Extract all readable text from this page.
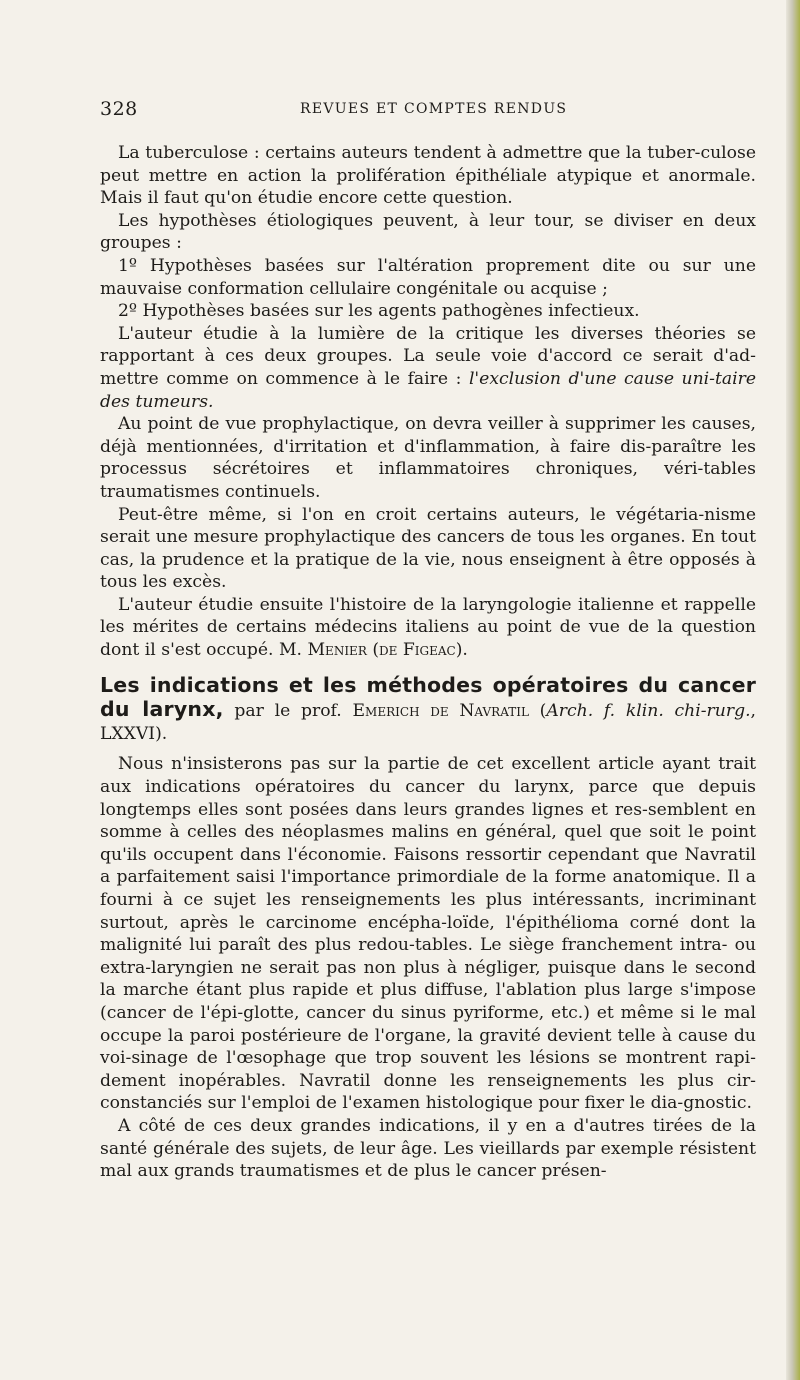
328	REVUES ET COMPTES RENDUS

La tuberculose : certains auteurs tendent à admettre que la tuber-culose peut mettre en action la prolifération épithéliale atypique et anormale. Mais il faut qu'on étudie encore cette question.

Les hypothèses étiologiques peuvent, à leur tour, se diviser en deux groupes :

1º Hypothèses basées sur l'altération proprement dite ou sur une mauvaise conformation cellulaire congénitale ou acquise ;

2º Hypothèses basées sur les agents pathogènes infectieux.

L'auteur étudie à la lumière de la critique les diverses théories se rapportant à ces deux groupes. La seule voie d'accord ce serait d'ad-mettre comme on commence à le faire : l'exclusion d'une cause uni-taire des tumeurs.

Au point de vue prophylactique, on devra veiller à supprimer les causes, déjà mentionnées, d'irritation et d'inflammation, à faire dis-paraître les processus sécrétoires et inflammatoires chroniques, véri-tables traumatismes continuels.

Peut-être même, si l'on en croit certains auteurs, le végétaria-nisme serait une mesure prophylactique des cancers de tous les organes. En tout cas, la prudence et la pratique de la vie, nous enseignent à être opposés à tous les excès.

L'auteur étudie ensuite l'histoire de la laryngologie italienne et rappelle les mérites de certains médecins italiens au point de vue de la question dont il s'est occupé. M. Menier (de Figeac).

Les indications et les méthodes opératoires du cancer du larynx, par le prof. Emerich de Navratil (Arch. f. klin. chi-rurg., LXXVI).

Nous n'insisterons pas sur la partie de cet excellent article ayant trait aux indications opératoires du cancer du larynx, parce que depuis longtemps elles sont posées dans leurs grandes lignes et res-semblent en somme à celles des néoplasmes malins en général, quel que soit le point qu'ils occupent dans l'économie. Faisons ressortir cependant que Navratil a parfaitement saisi l'importance primordiale de la forme anatomique. Il a fourni à ce sujet les renseignements les plus intéressants, incriminant surtout, après le carcinome encépha-loïde, l'épithélioma corné dont la malignité lui paraît des plus redou-tables. Le siège franchement intra- ou extra-laryngien ne serait pas non plus à négliger, puisque dans le second la marche étant plus rapide et plus diffuse, l'ablation plus large s'impose (cancer de l'épi-glotte, cancer du sinus pyriforme, etc.) et même si le mal occupe la paroi postérieure de l'organe, la gravité devient telle à cause du voi-sinage de l'œsophage que trop souvent les lésions se montrent rapi-dement inopérables. Navratil donne les renseignements les plus cir-constanciés sur l'emploi de l'examen histologique pour fixer le dia-gnostic.

A côté de ces deux grandes indications, il y en a d'autres tirées de la santé générale des sujets, de leur âge. Les vieillards par exemple résistent mal aux grands traumatismes et de plus le cancer présen-
